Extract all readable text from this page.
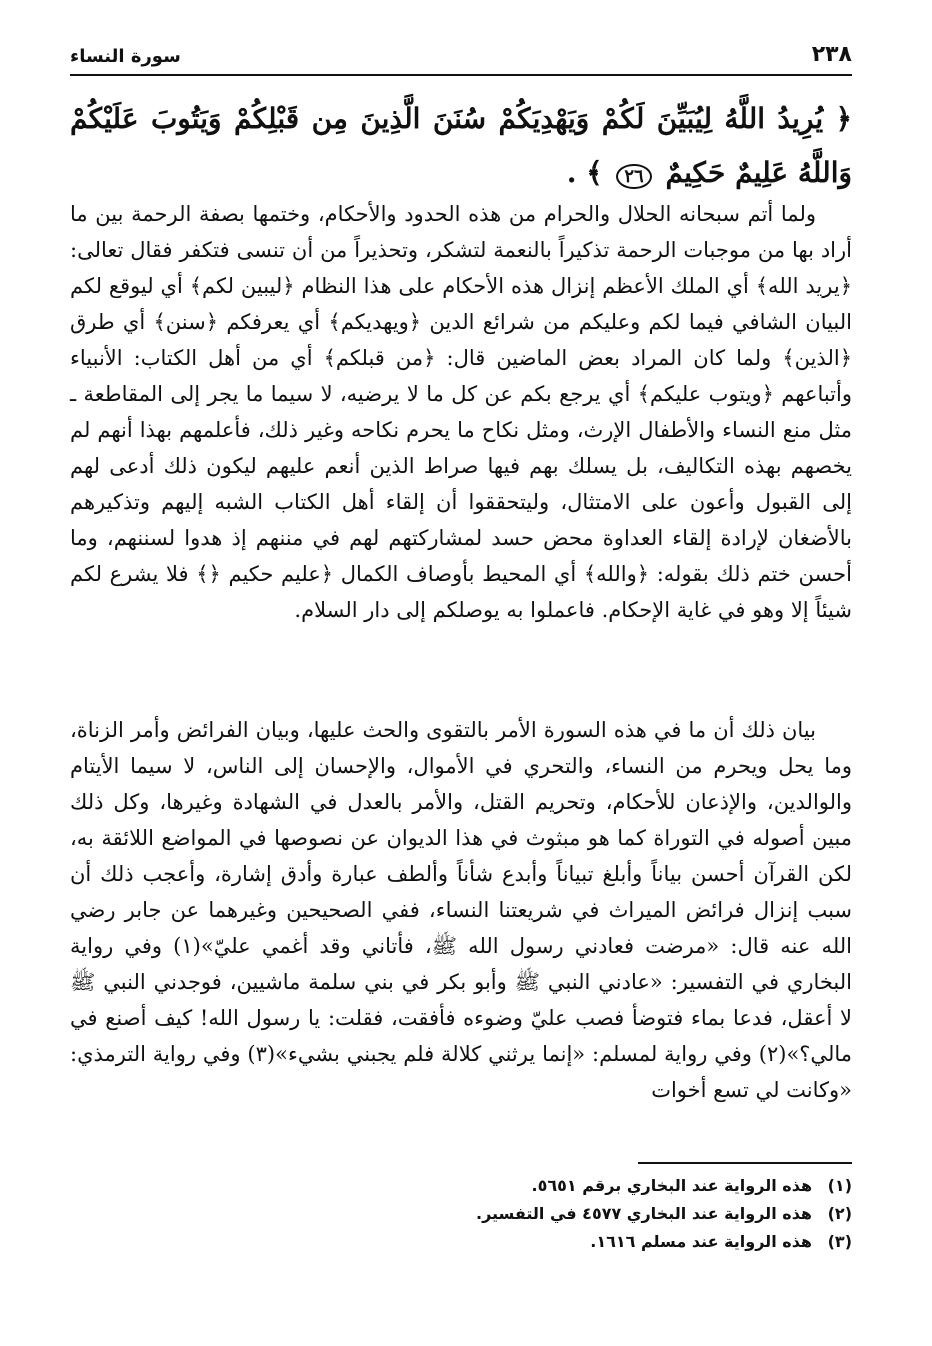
٢٣٨
سورة النساء
﴿ يُرِيدُ اللَّهُ لِيُبَيِّنَ لَكُمْ وَيَهْدِيَكُمْ سُنَنَ الَّذِينَ مِن قَبْلِكُمْ وَيَتُوبَ عَلَيْكُمْ وَاللَّهُ عَلِيمٌ حَكِيمٌ ٢٦ ﴾ .
ولما أتم سبحانه الحلال والحرام من هذه الحدود والأحكام، وختمها بصفة الرحمة بين ما أراد بها من موجبات الرحمة تذكيراً بالنعمة لتشكر، وتحذيراً من أن تنسى فتكفر فقال تعالى: ﴿يريد الله﴾ أي الملك الأعظم إنزال هذه الأحكام على هذا النظام ﴿ليبين لكم﴾ أي ليوقع لكم البيان الشافي فيما لكم وعليكم من شرائع الدين ﴿ويهديكم﴾ أي يعرفكم ﴿سنن﴾ أي طرق ﴿الذين﴾ ولما كان المراد بعض الماضين قال: ﴿من قبلكم﴾ أي من أهل الكتاب: الأنبياء وأتباعهم ﴿ويتوب عليكم﴾ أي يرجع بكم عن كل ما لا يرضيه، لا سيما ما يجر إلى المقاطعة ـ مثل منع النساء والأطفال الإرث، ومثل نكاح ما يحرم نكاحه وغير ذلك، فأعلمهم بهذا أنهم لم يخصهم بهذه التكاليف، بل يسلك بهم فيها صراط الذين أنعم عليهم ليكون ذلك أدعى لهم إلى القبول وأعون على الامتثال، وليتحققوا أن إلقاء أهل الكتاب الشبه إليهم وتذكيرهم بالأضغان لإرادة إلقاء العداوة محض حسد لمشاركتهم لهم في مننهم إذ هدوا لسننهم، وما أحسن ختم ذلك بقوله: ﴿والله﴾ أي المحيط بأوصاف الكمال ﴿عليم حكيم ﴿﴾ فلا يشرع لكم شيئاً إلا وهو في غاية الإحكام. فاعملوا به يوصلكم إلى دار السلام.
بيان ذلك أن ما في هذه السورة الأمر بالتقوى والحث عليها، وبيان الفرائض وأمر الزناة، وما يحل ويحرم من النساء، والتحري في الأموال، والإحسان إلى الناس، لا سيما الأيتام والوالدين، والإذعان للأحكام، وتحريم القتل، والأمر بالعدل في الشهادة وغيرها، وكل ذلك مبين أصوله في التوراة كما هو مبثوث في هذا الديوان عن نصوصها في المواضع اللائقة به، لكن القرآن أحسن بياناً وأبلغ تبياناً وأبدع شأناً وألطف عبارة وأدق إشارة، وأعجب ذلك أن سبب إنزال فرائض الميراث في شريعتنا النساء، ففي الصحيحين وغيرهما عن جابر رضي الله عنه قال: «مرضت فعادني رسول الله ﷺ، فأتاني وقد أغمي عليّ»(١) وفي رواية البخاري في التفسير: «عادني النبي ﷺ وأبو بكر في بني سلمة ماشيين، فوجدني النبي ﷺ لا أعقل، فدعا بماء فتوضأ فصب عليّ وضوءه فأفقت، فقلت: يا رسول الله! كيف أصنع في مالي؟»(٢) وفي رواية لمسلم: «إنما يرثني كلالة فلم يجبني بشيء»(٣) وفي رواية الترمذي: «وكانت لي تسع أخوات
(١) هذه الرواية عند البخاري برقم ٥٦٥١.
(٢) هذه الرواية عند البخاري ٤٥٧٧ في التفسير.
(٣) هذه الرواية عند مسلم ١٦١٦.
